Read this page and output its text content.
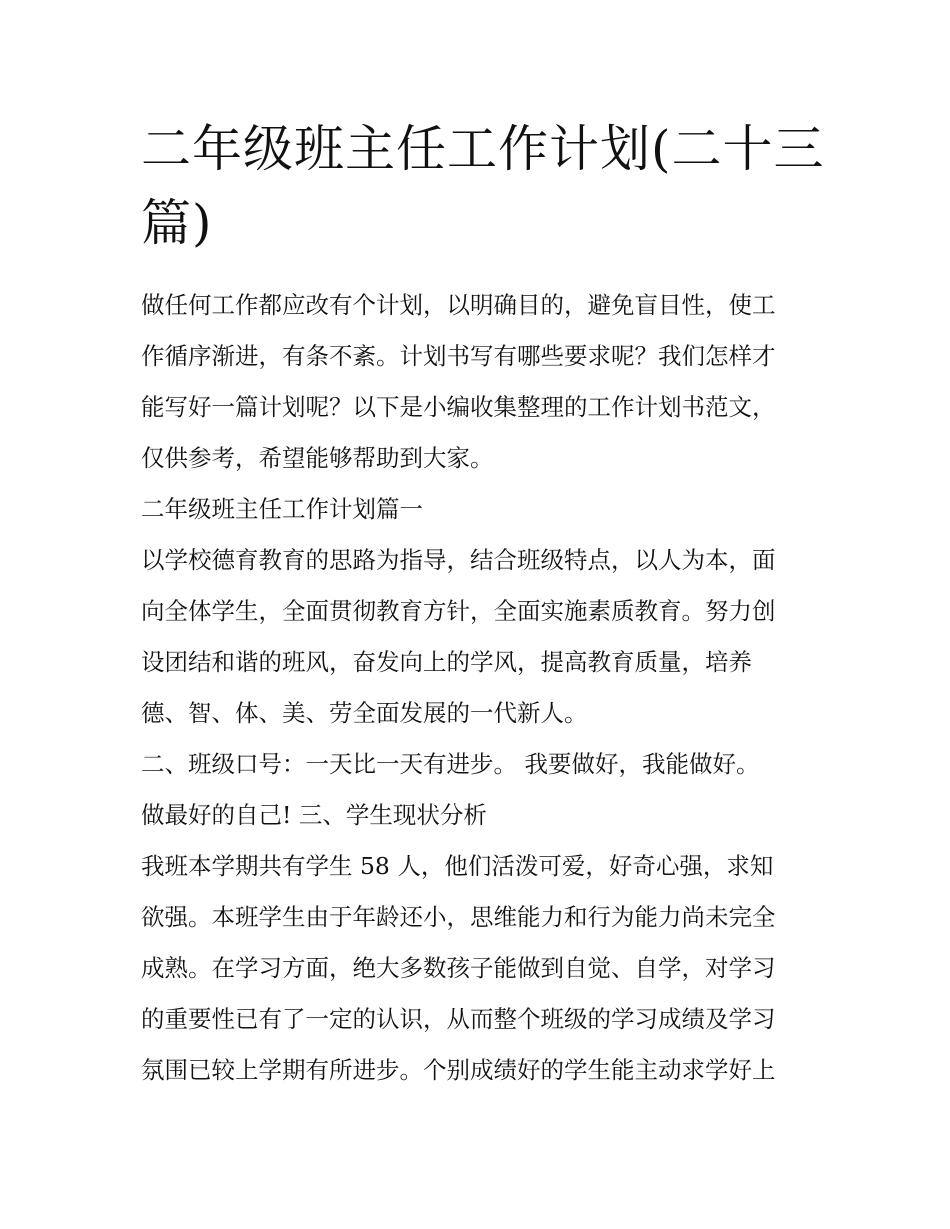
二年级班主任工作计划(二十三
篇)

做任何工作都应改有个计划，以明确目的，避免盲目性，使工
作循序渐进，有条不紊。计划书写有哪些要求呢？我们怎样才
能写好一篇计划呢？以下是小编收集整理的工作计划书范文，
仅供参考，希望能够帮助到大家。

二年级班主任工作计划篇一

以学校德育教育的思路为指导，结合班级特点，以人为本，面
向全体学生，全面贯彻教育方针，全面实施素质教育。努力创
设团结和谐的班风，奋发向上的学风，提高教育质量，培养
德、智、体、美、劳全面发展的一代新人。

二、班级口号：一天比一天有进步。 我要做好，我能做好。
做最好的自己! 三、学生现状分析

我班本学期共有学生 58 人，他们活泼可爱，好奇心强，求知
欲强。本班学生由于年龄还小，思维能力和行为能力尚未完全
成熟。在学习方面，绝大多数孩子能做到自觉、自学，对学习
的重要性已有了一定的认识，从而整个班级的学习成绩及学习
氛围已较上学期有所进步。个别成绩好的学生能主动求学好上
